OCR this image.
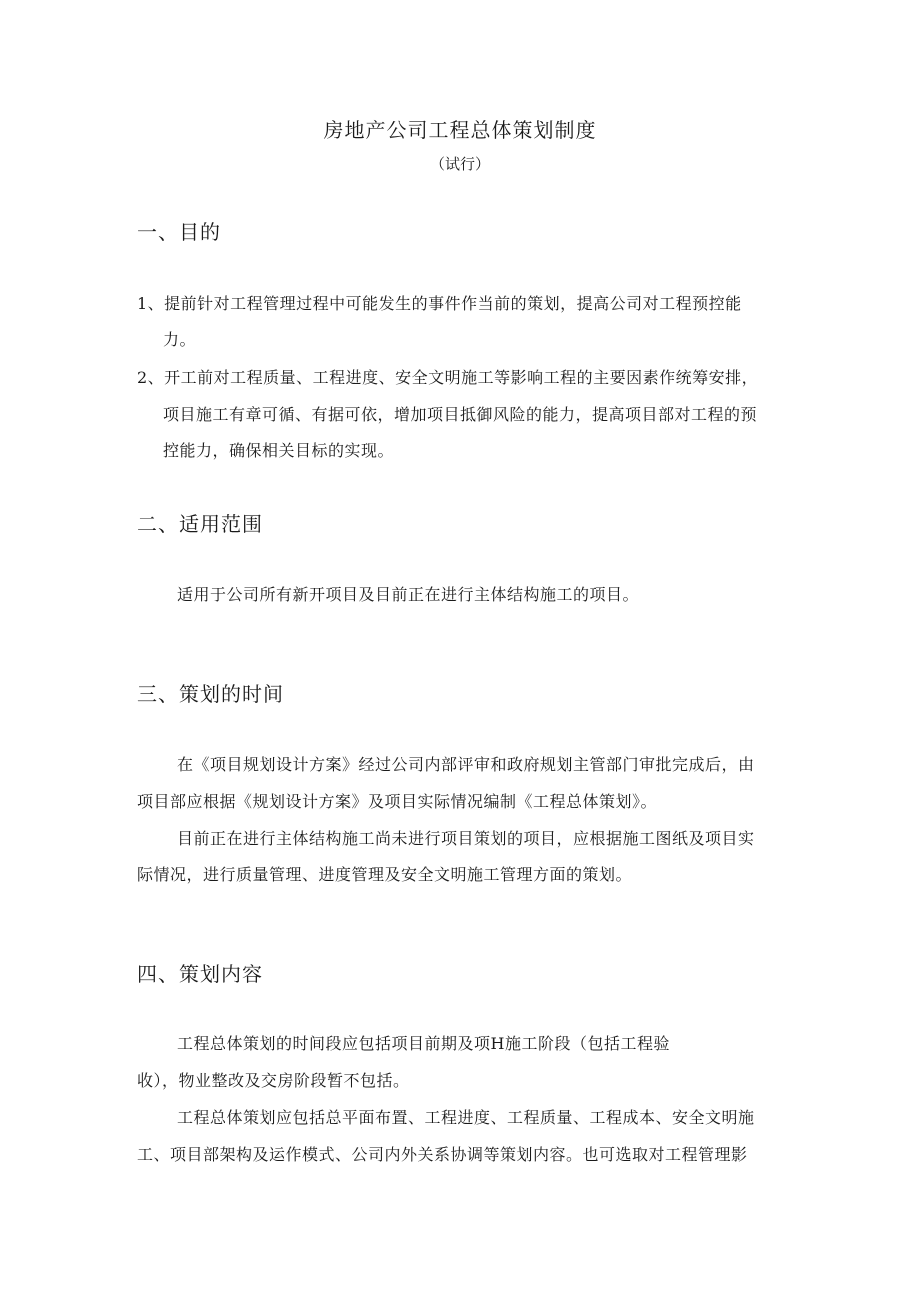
房地产公司工程总体策划制度
（试行）
一、目的
1、提前针对工程管理过程中可能发生的事件作当前的策划，提高公司对工程预控能
力。
2、开工前对工程质量、工程进度、安全文明施工等影响工程的主要因素作统筹安排，
项目施工有章可循、有据可依，增加项目抵御风险的能力，提高项目部对工程的预
控能力，确保相关目标的实现。
二、适用范围
适用于公司所有新开项目及目前正在进行主体结构施工的项目。
三、策划的时间
在《项目规划设计方案》经过公司内部评审和政府规划主管部门审批完成后，由
项目部应根据《规划设计方案》及项目实际情况编制《工程总体策划》。
目前正在进行主体结构施工尚未进行项目策划的项目，应根据施工图纸及项目实
际情况，进行质量管理、进度管理及安全文明施工管理方面的策划。
四、策划内容
工程总体策划的时间段应包括项目前期及项H施工阶段（包括工程验
收），物业整改及交房阶段暂不包括。
工程总体策划应包括总平面布置、工程进度、工程质量、工程成本、安全文明施
工、项目部架构及运作模式、公司内外关系协调等策划内容。也可选取对工程管理影
